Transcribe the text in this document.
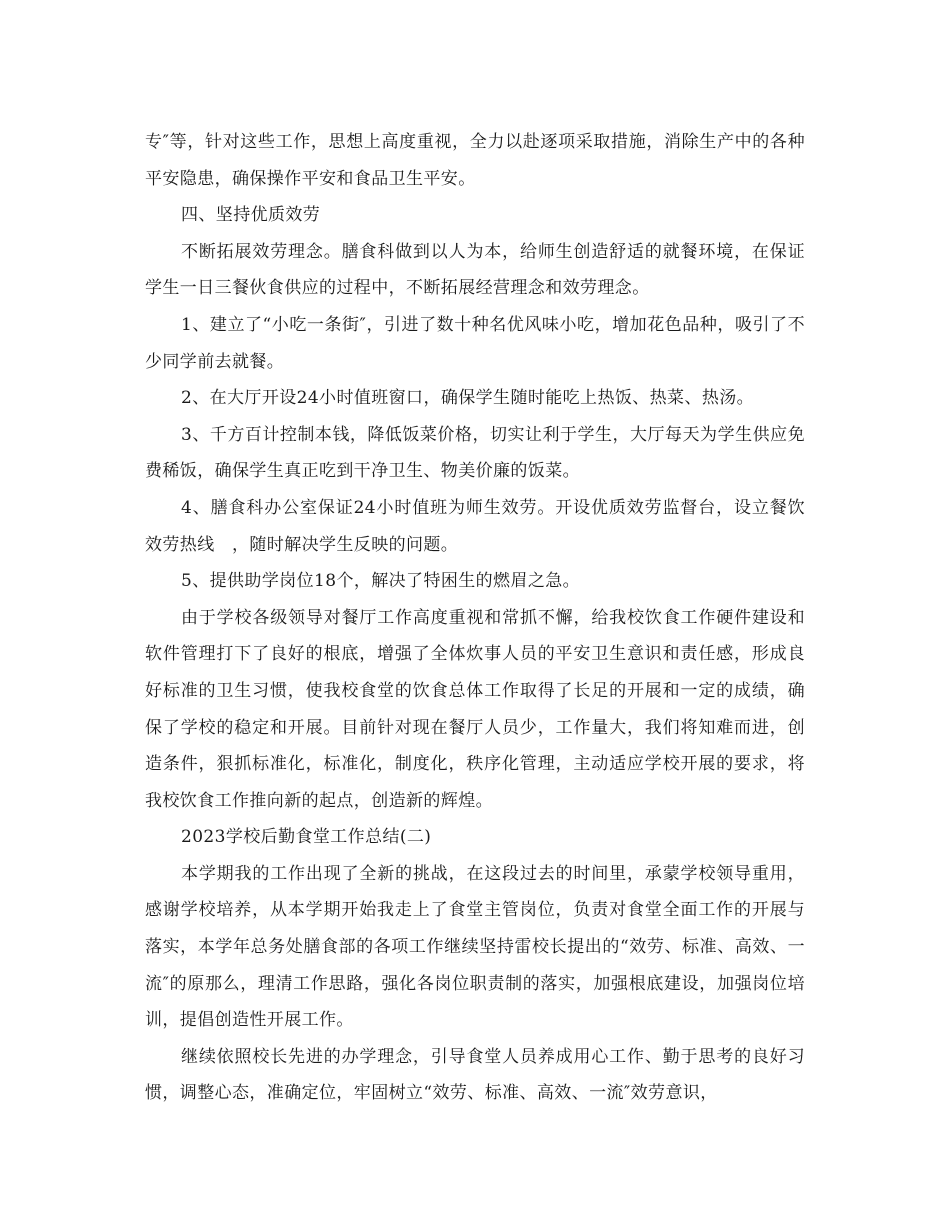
专″等，针对这些工作，思想上高度重视，全力以赴逐项采取措施，消除生产中的各种平安隐患，确保操作平安和食品卫生平安。

四、坚持优质效劳

不断拓展效劳理念。膳食科做到以人为本，给师生创造舒适的就餐环境，在保证学生一日三餐伙食供应的过程中，不断拓展经营理念和效劳理念。

1、建立了“小吃一条街″，引进了数十种名优风味小吃，增加花色品种，吸引了不少同学前去就餐。

2、在大厅开设24小时值班窗口，确保学生随时能吃上热饭、热菜、热汤。

3、千方百计控制本钱，降低饭菜价格，切实让利于学生，大厅每天为学生供应免费稀饭，确保学生真正吃到干净卫生、物美价廉的饭菜。

4、膳食科办公室保证24小时值班为师生效劳。开设优质效劳监督台，设立餐饮效劳热线　，随时解决学生反映的问题。

5、提供助学岗位18个，解决了特困生的燃眉之急。

由于学校各级领导对餐厅工作高度重视和常抓不懈，给我校饮食工作硬件建设和软件管理打下了良好的根底，增强了全体炊事人员的平安卫生意识和责任感，形成良好标准的卫生习惯，使我校食堂的饮食总体工作取得了长足的开展和一定的成绩，确保了学校的稳定和开展。目前针对现在餐厅人员少，工作量大，我们将知难而进，创造条件，狠抓标准化，标准化，制度化，秩序化管理，主动适应学校开展的要求，将我校饮食工作推向新的起点，创造新的辉煌。

2023学校后勤食堂工作总结(二)

本学期我的工作出现了全新的挑战，在这段过去的时间里，承蒙学校领导重用，感谢学校培养，从本学期开始我走上了食堂主管岗位，负责对食堂全面工作的开展与落实，本学年总务处膳食部的各项工作继续坚持雷校长提出的“效劳、标准、高效、一流″的原那么，理清工作思路，强化各岗位职责制的落实，加强根底建设，加强岗位培训，提倡创造性开展工作。

继续依照校长先进的办学理念，引导食堂人员养成用心工作、勤于思考的良好习惯，调整心态，准确定位，牢固树立“效劳、标准、高效、一流″效劳意识，
